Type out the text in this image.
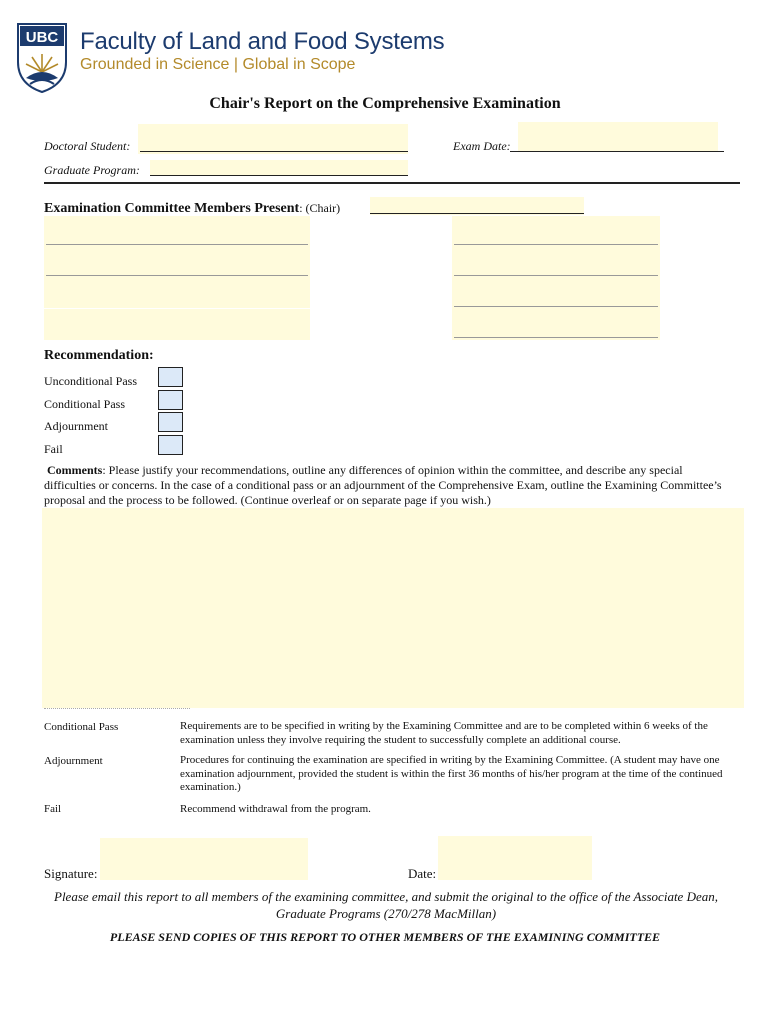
UBC Faculty of Land and Food Systems
Grounded in Science | Global in Scope
Chair's Report on the Comprehensive Examination
Doctoral Student:	Exam Date:
Graduate Program:
Examination Committee Members Present: (Chair)
Recommendation:
Unconditional Pass
Conditional Pass
Adjournment
Fail
Comments: Please justify your recommendations, outline any differences of opinion within the committee, and describe any special difficulties or concerns. In the case of a conditional pass or an adjournment of the Comprehensive Exam, outline the Examining Committee’s proposal and the process to be followed. (Continue overleaf or on separate page if you wish.)
Conditional Pass	Requirements are to be specified in writing by the Examining Committee and are to be completed within 6 weeks of the examination unless they involve requiring the student to successfully complete an additional course.
Adjournment	Procedures for continuing the examination are specified in writing by the Examining Committee. (A student may have one examination adjournment, provided the student is within the first 36 months of his/her program at the time of the continued examination.)
Fail	Recommend withdrawal from the program.
Signature:	Date:
Please email this report to all members of the examining committee, and submit the original to the office of the Associate Dean, Graduate Programs (270/278 MacMillan)
PLEASE SEND COPIES OF THIS REPORT TO OTHER MEMBERS OF THE EXAMINING COMMITTEE
